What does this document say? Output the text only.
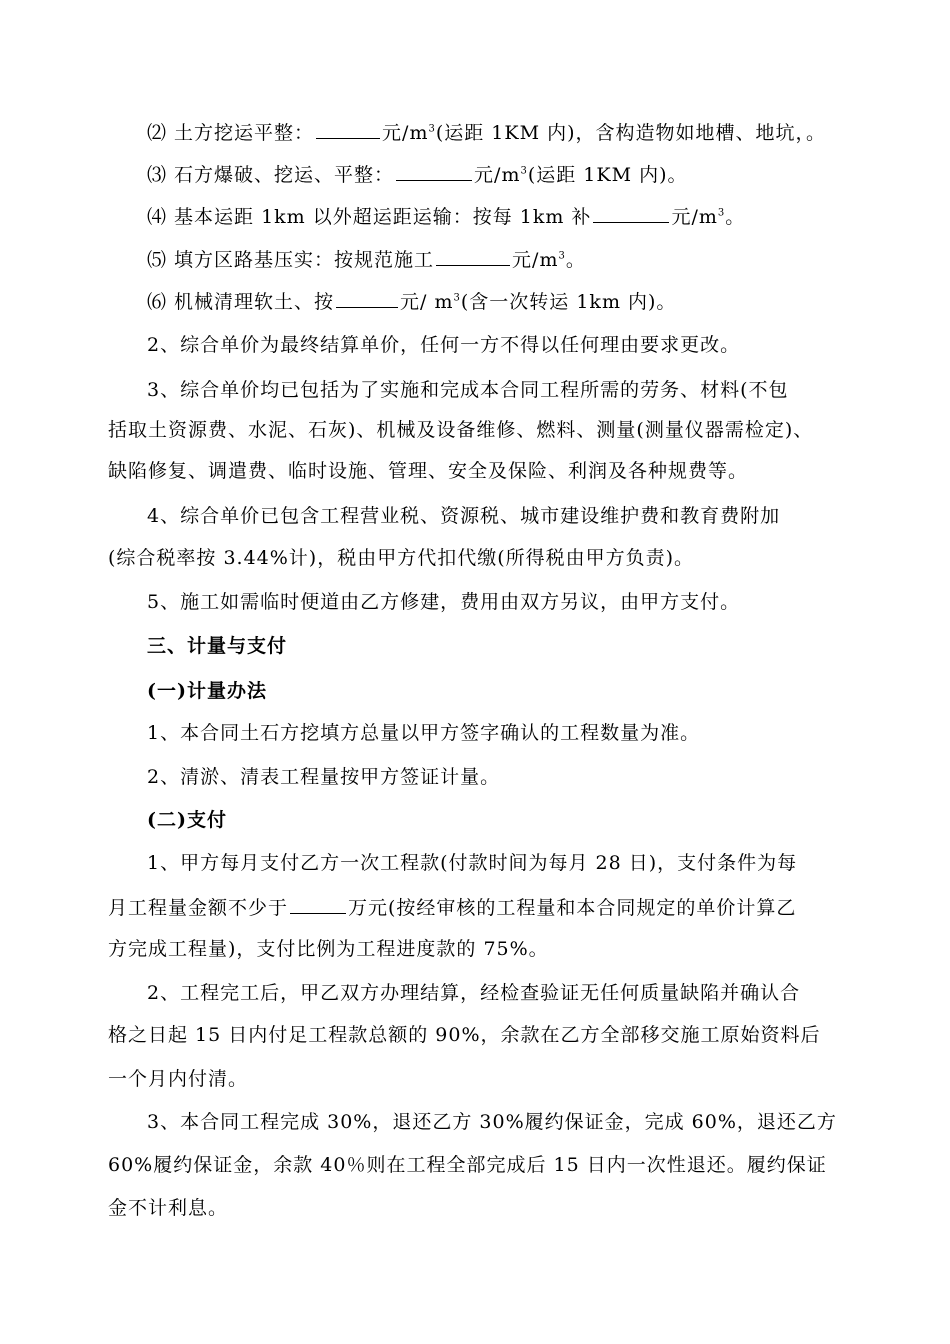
⑵ 土方挖运平整：	元$/m^3$(运距 1KM 内)，含构造物如地槽、地坑，。
⑶ 石方爆破、挖运、平整：	元$/m^3$(运距 1KM 内)。
⑷ 基本运距 1km 以外超运距运输：按每 1km 补	元$/m^3$。
⑸ 填方区路基压实：按规范施工	元$/m^3$。
⑹ 机械清理软土、按	元/ $m^3$(含一次转运 1km 内)。
2、综合单价为最终结算单价，任何一方不得以任何理由要求更改。
3、综合单价均已包括为了实施和完成本合同工程所需的劳务、材料(不包
括取土资源费、水泥、石灰)、机械及设备维修、燃料、测量(测量仪器需检定)、
缺陷修复、调遣费、临时设施、管理、安全及保险、利润及各种规费等。
4、综合单价已包含工程营业税、资源税、城市建设维护费和教育费附加
(综合税率按 3.44%计)，税由甲方代扣代缴(所得税由甲方负责)。
5、施工如需临时便道由乙方修建，费用由双方另议，由甲方支付。
三、计量与支付
(一)计量办法
1、本合同土石方挖填方总量以甲方签字确认的工程数量为准。
2、清淤、清表工程量按甲方签证计量。
(二)支付
1、甲方每月支付乙方一次工程款(付款时间为每月 28 日)，支付条件为每
月工程量金额不少于	万元(按经审核的工程量和本合同规定的单价计算乙
方完成工程量)，支付比例为工程进度款的 75%。
2、工程完工后，甲乙双方办理结算，经检查验证无任何质量缺陷并确认合
格之日起 15 日内付足工程款总额的 90%，余款在乙方全部移交施工原始资料后
一个月内付清。
3、本合同工程完成 30%，退还乙方 30%履约保证金，完成 60%，退还乙方
60%履约保证金，余款 40％则在工程全部完成后 15 日内一次性退还。履约保证
金不计利息。
